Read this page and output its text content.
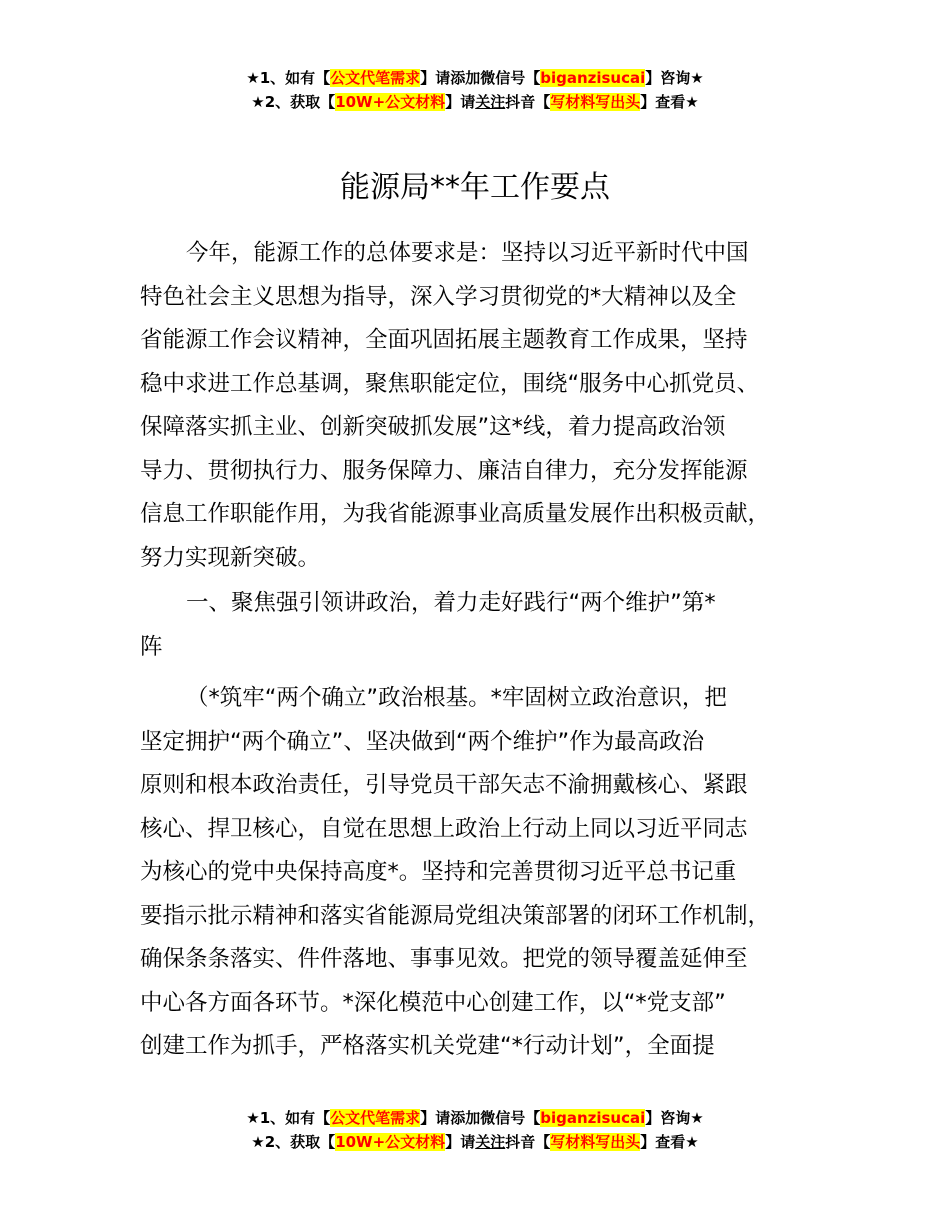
★1、如有【公文代笔需求】请添加微信号【biganzisucai】咨询★
★2、获取【10W+公文材料】请关注抖音【写材料写出头】查看★
能源局**年工作要点
今年，能源工作的总体要求是：坚持以习近平新时代中国
特色社会主义思想为指导，深入学习贯彻党的*大精神以及全
省能源工作会议精神，全面巩固拓展主题教育工作成果，坚持
稳中求进工作总基调，聚焦职能定位，围绕“服务中心抓党员、
保障落实抓主业、创新突破抓发展”这*线，着力提高政治领
导力、贯彻执行力、服务保障力、廉洁自律力，充分发挥能源
信息工作职能作用，为我省能源事业高质量发展作出积极贡献，
努力实现新突破。
一、聚焦强引领讲政治，着力走好践行“两个维护”第*
阵
（*筑牢“两个确立”政治根基。*牢固树立政治意识，把
坚定拥护“两个确立”、坚决做到“两个维护”作为最高政治
原则和根本政治责任，引导党员干部矢志不渝拥戴核心、紧跟
核心、捍卫核心，自觉在思想上政治上行动上同以习近平同志
为核心的党中央保持高度*。坚持和完善贯彻习近平总书记重
要指示批示精神和落实省能源局党组决策部署的闭环工作机制，
确保条条落实、件件落地、事事见效。把党的领导覆盖延伸至
中心各方面各环节。*深化模范中心创建工作，以“*党支部”
创建工作为抓手，严格落实机关党建“*行动计划”，全面提
★1、如有【公文代笔需求】请添加微信号【biganzisucai】咨询★
★2、获取【10W+公文材料】请关注抖音【写材料写出头】查看★
